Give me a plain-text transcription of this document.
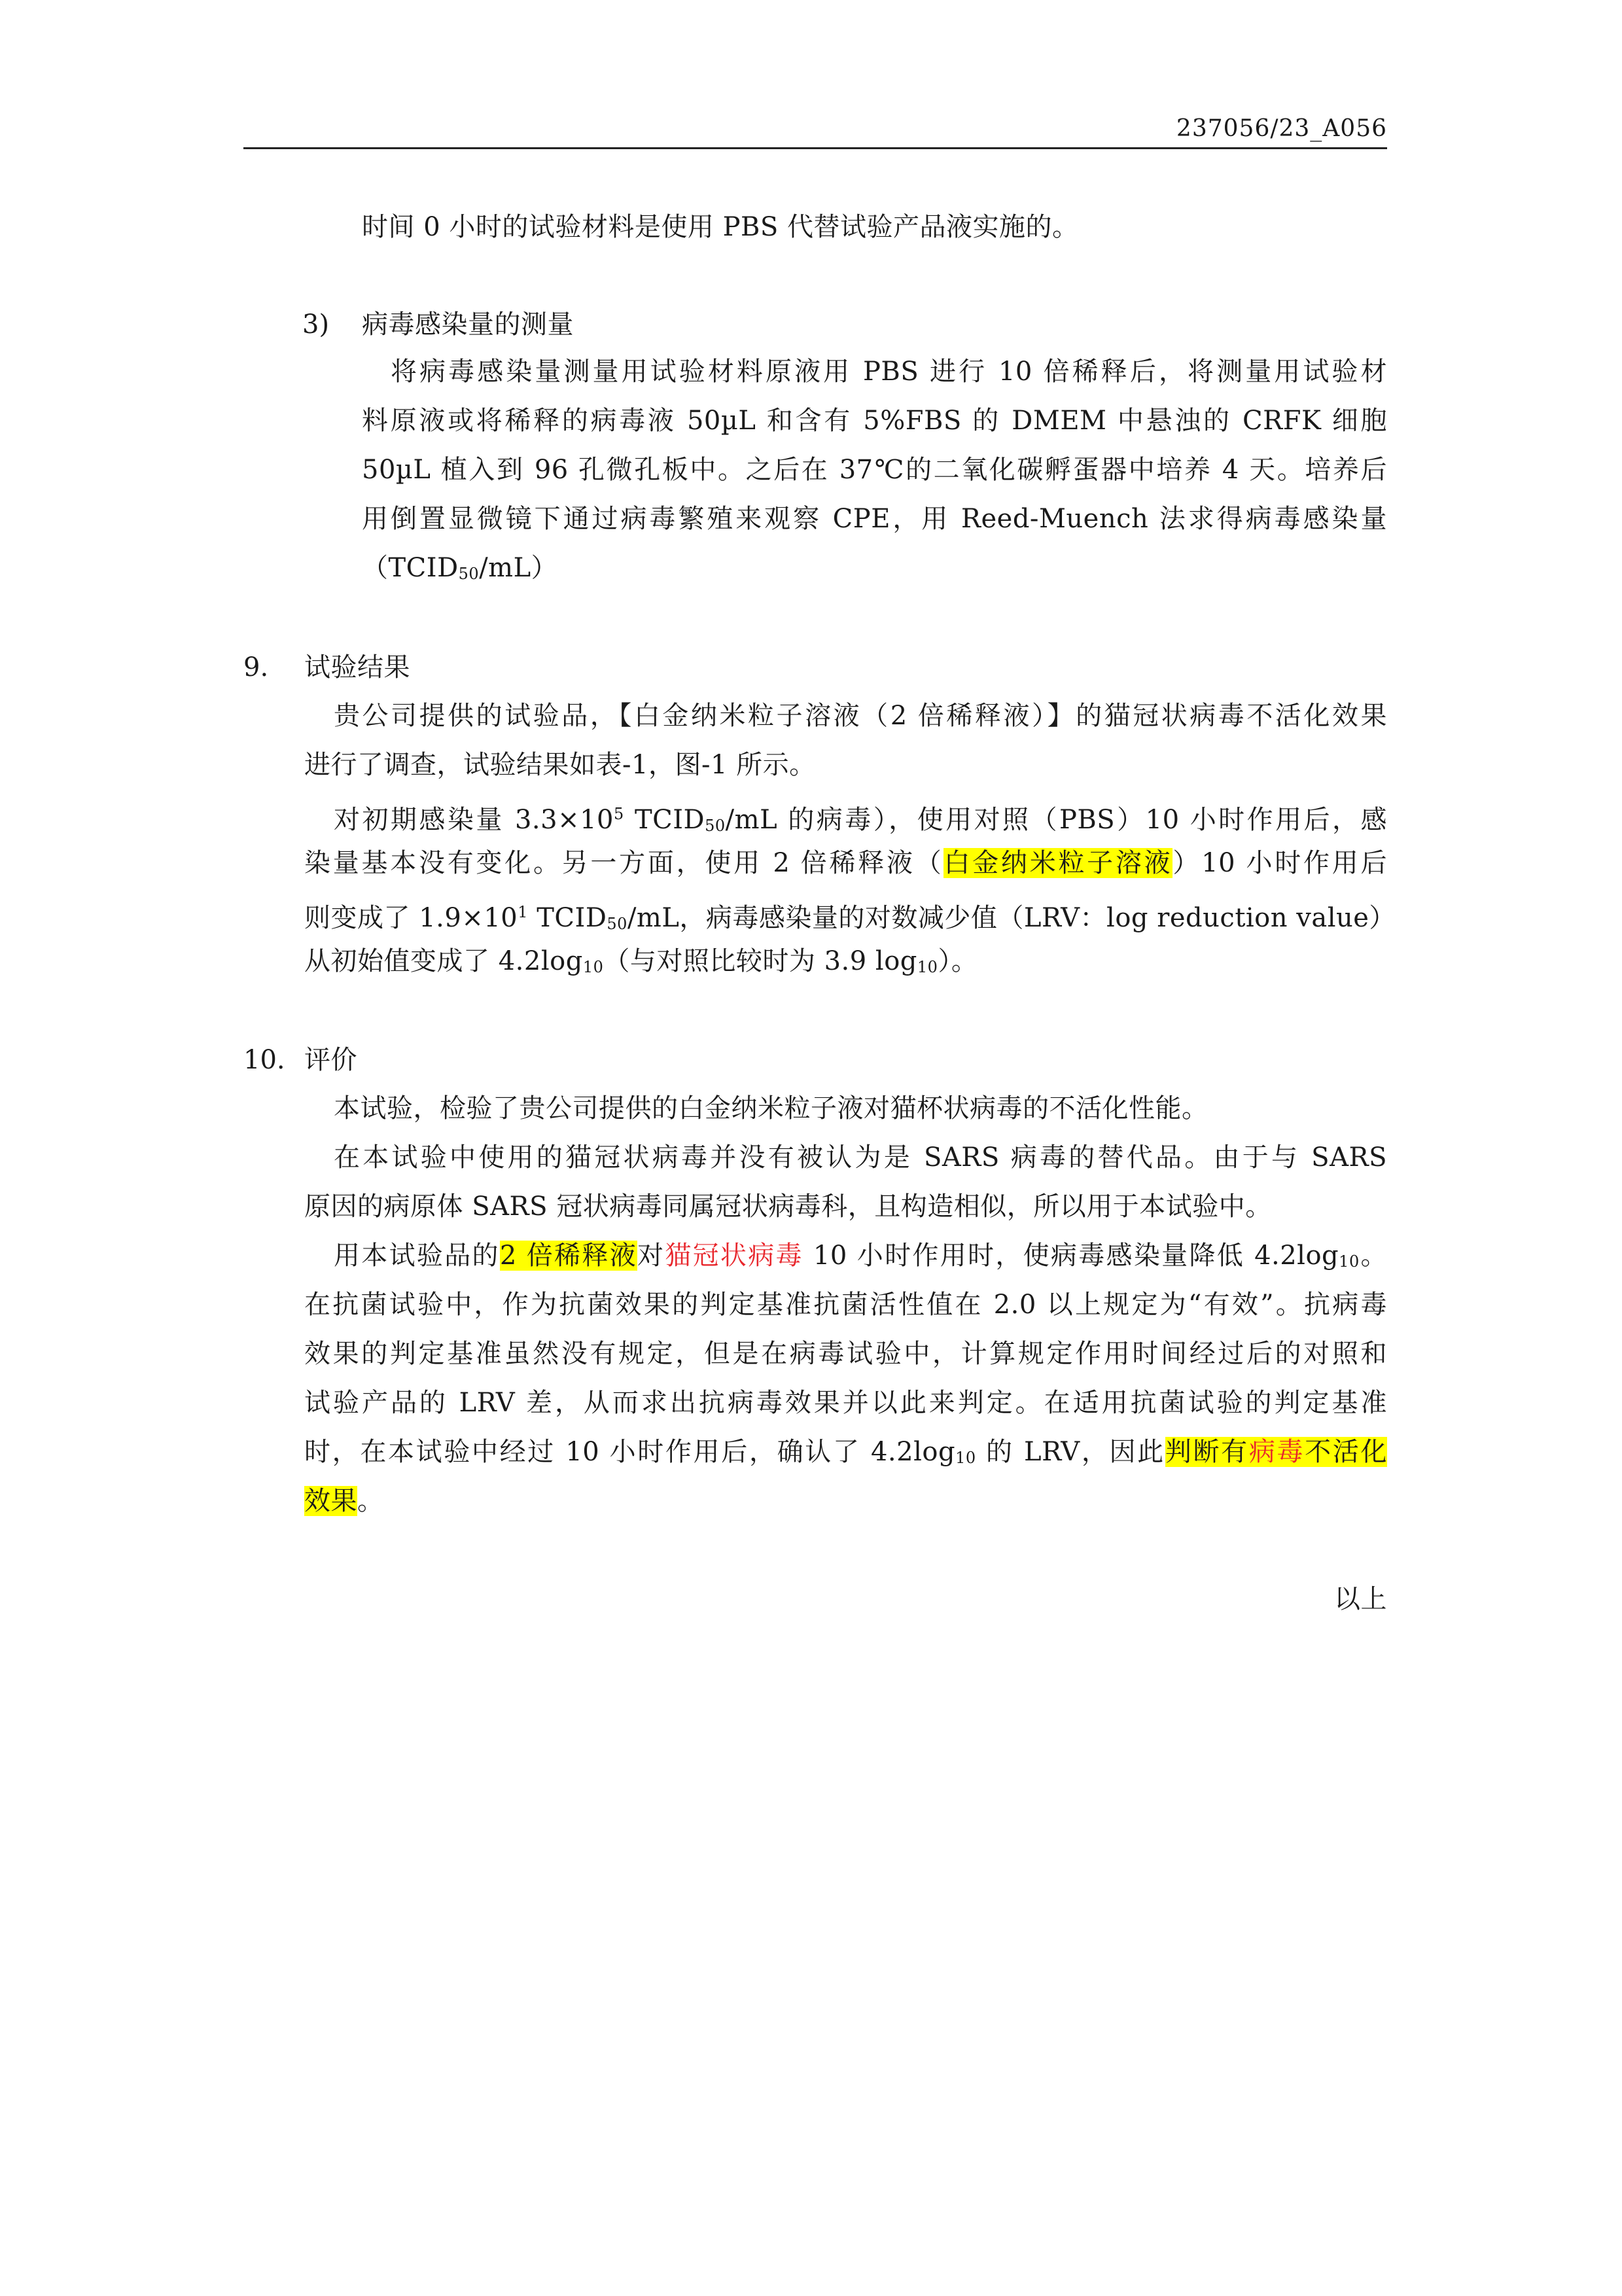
237056/23_A056
时间 0 小时的试验材料是使用 PBS 代替试验产品液实施的。
3) 病毒感染量的测量
将病毒感染量测量用试验材料原液用 PBS 进行 10 倍稀释后，将测量用试验材
料原液或将稀释的病毒液 50µL 和含有 5%FBS 的 DMEM 中悬浊的 CRFK 细胞
50µL 植入到 96 孔微孔板中。之后在 37℃的二氧化碳孵蛋器中培养 4 天。培养后
用倒置显微镜下通过病毒繁殖来观察 CPE，用 Reed-Muench 法求得病毒感染量
$(TCID_{50}/mL)$
9. 试验结果
贵公司提供的试验品，【白金纳米粒子溶液（2 倍稀释液）】的猫冠状病毒不活化效果
进行了调查，试验结果如表-1，图-1 所示。
对初期感染量 $3.3\times 10^5$ $TCID_{50}/mL$ 的病毒），使用对照（PBS）10 小时作用后，感
染量基本没有变化。另一方面，使用 2 倍稀释液（白金纳米粒子溶液）10 小时作用后
则变成了 $1.9\times 10^1$ $TCID_{50}/mL$，病毒感染量的对数减少值（LRV：log reduction value）
从初始值变成了 $4.2\log_{10}$（与对照比较时为 3.9 $\log_{10}$）。
10. 评价
本试验，检验了贵公司提供的白金纳米粒子液对猫杯状病毒的不活化性能。
在本试验中使用的猫冠状病毒并没有被认为是 SARS 病毒的替代品。由于与 SARS
原因的病原体 SARS 冠状病毒同属冠状病毒科，且构造相似，所以用于本试验中。
用本试验品的2 倍稀释液对猫冠状病毒 10 小时作用时，使病毒感染量降低 $4.2\log_{10}$。
在抗菌试验中，作为抗菌效果的判定基准抗菌活性值在 2.0 以上规定为“有效”。抗病毒
效果的判定基准虽然没有规定，但是在病毒试验中，计算规定作用时间经过后的对照和
试验产品的 LRV 差，从而求出抗病毒效果并以此来判定。在适用抗菌试验的判定基准
时，在本试验中经过 10 小时作用后，确认了 $4.2\log_{10}$ 的 LRV，因此判断有病毒不活化
效果。
以上
